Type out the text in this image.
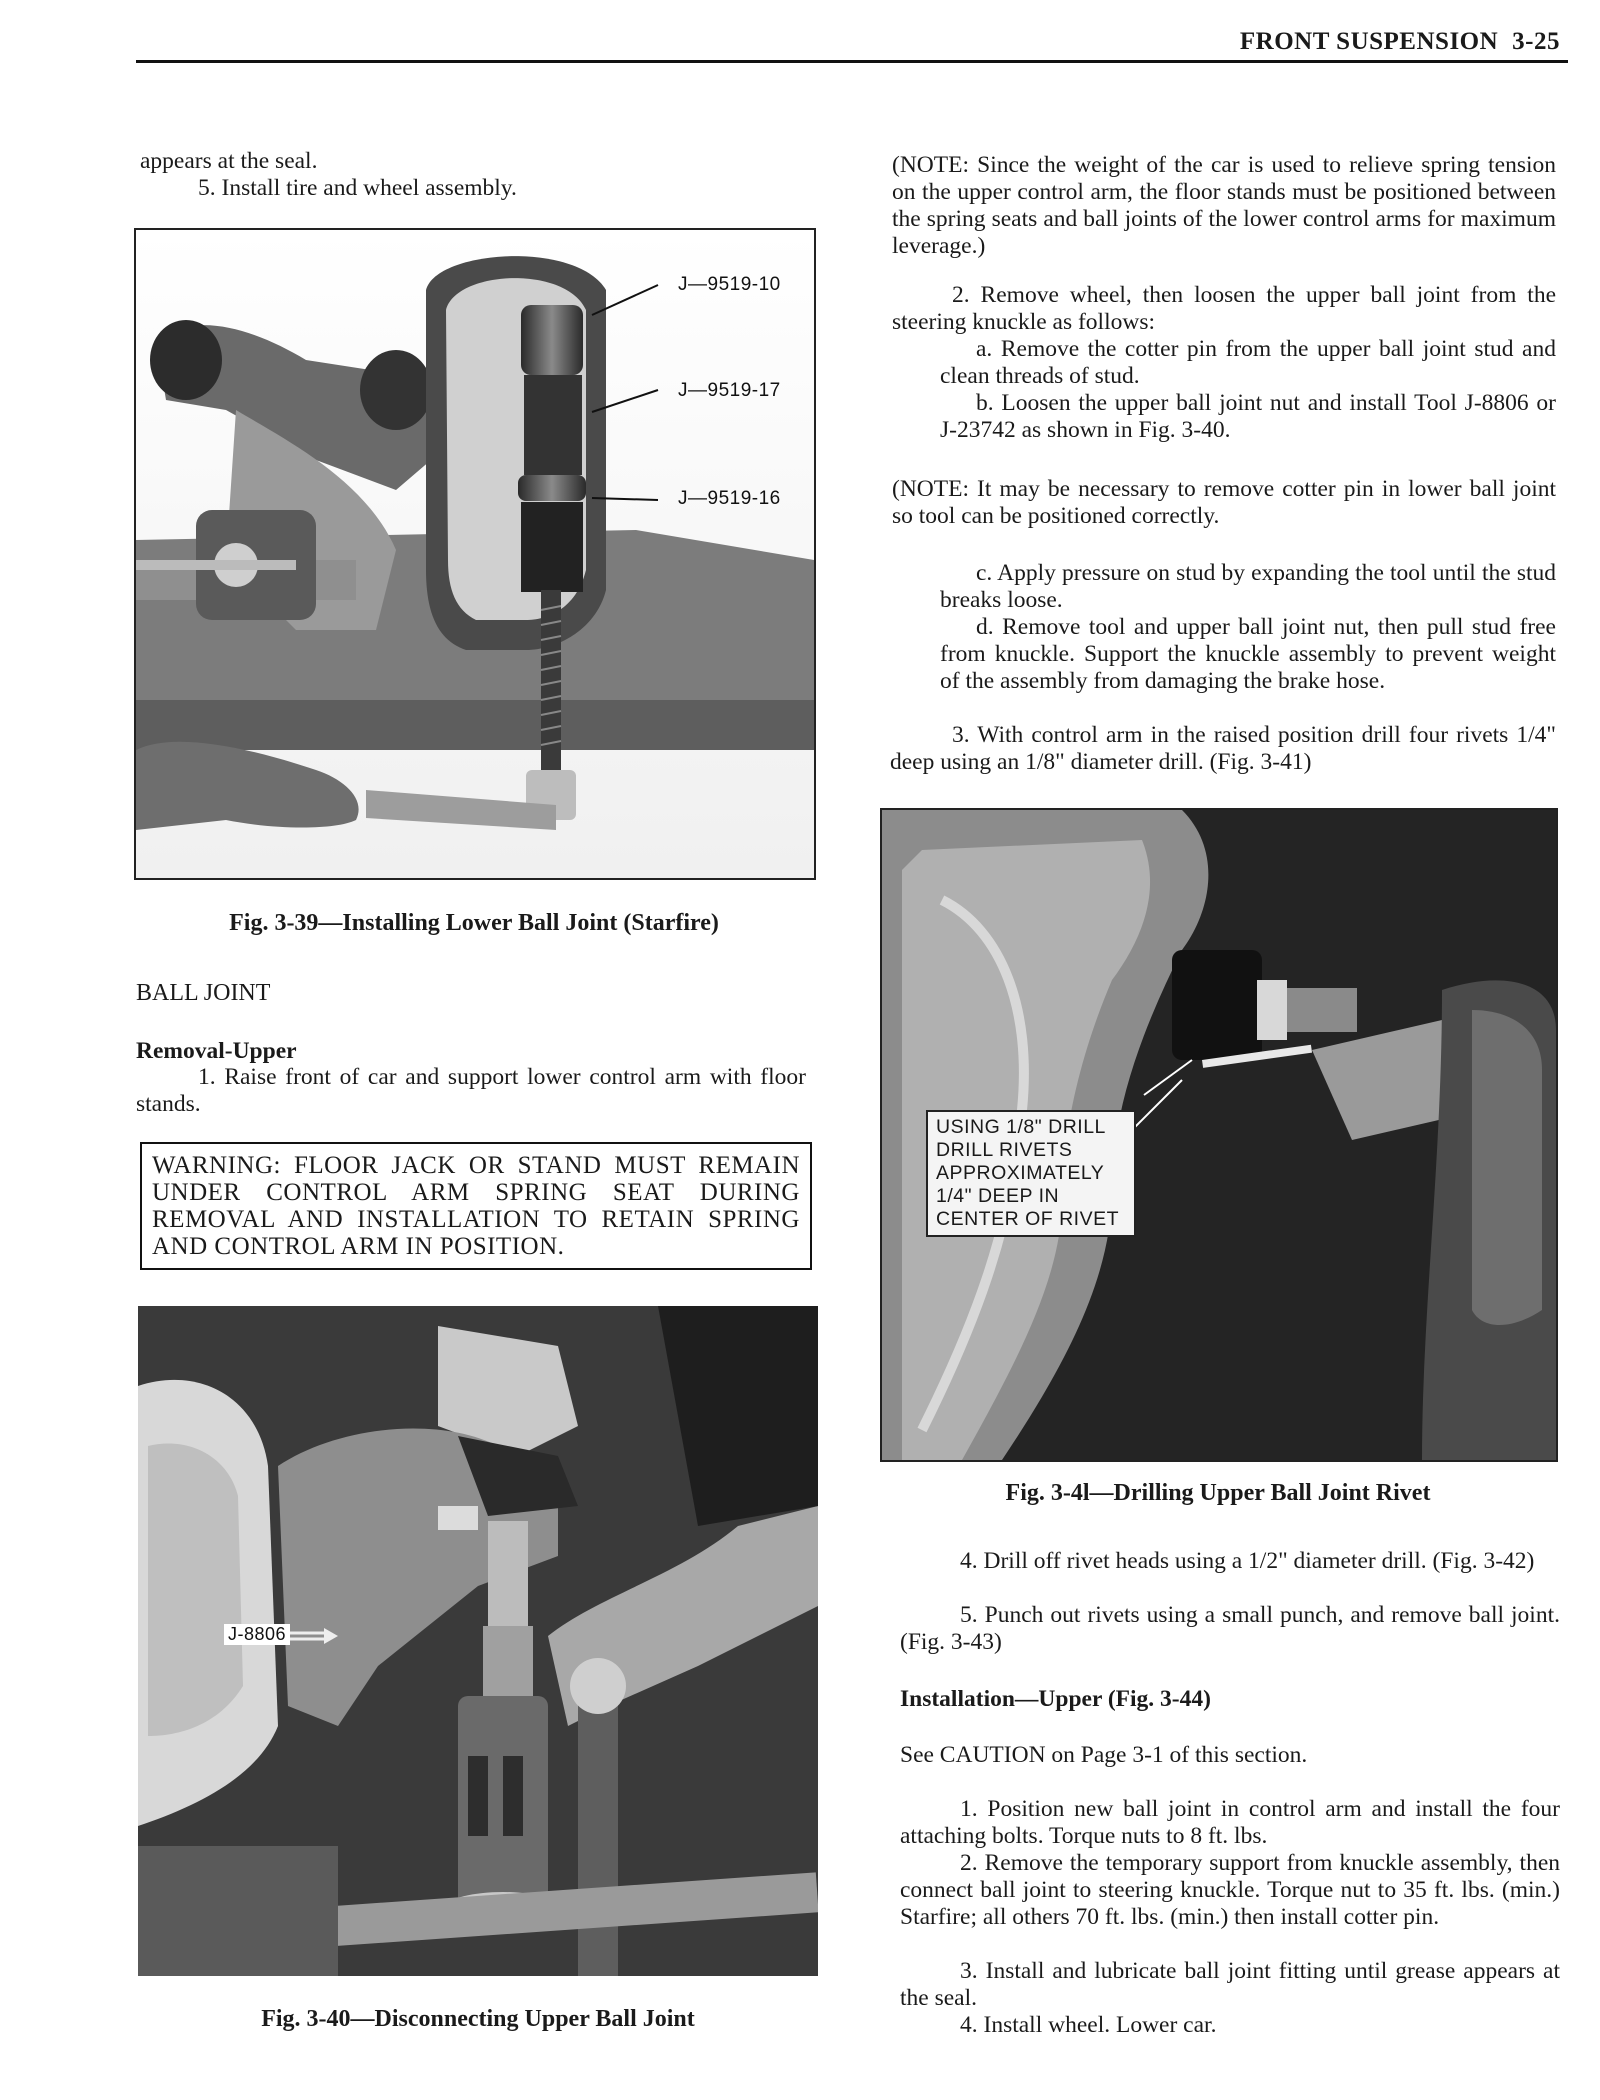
FRONT SUSPENSION 3-25

appears at the seal.

5. Install tire and wheel assembly.

J—9519-10
J—9519-17
J—9519-16
Fig. 3-39—Installing Lower Ball Joint (Starfire)
BALL JOINT
Removal-Upper

1. Raise front of car and support lower control arm with floor stands.

WARNING: FLOOR JACK OR STAND MUST REMAIN UNDER CONTROL ARM SPRING SEAT DURING REMOVAL AND INSTALLATION TO RETAIN SPRING AND CONTROL ARM IN POSITION.
J-8806
Fig. 3-40—Disconnecting Upper Ball Joint
(NOTE: Since the weight of the car is used to relieve spring tension on the upper control arm, the floor stands must be positioned between the spring seats and ball joints of the lower control arms for maximum leverage.)

2. Remove wheel, then loosen the upper ball joint from the steering knuckle as follows:

a. Remove the cotter pin from the upper ball joint stud and clean threads of stud.

b. Loosen the upper ball joint nut and install Tool J-8806 or J-23742 as shown in Fig. 3-40.

(NOTE: It may be necessary to remove cotter pin in lower ball joint so tool can be positioned correctly.

c. Apply pressure on stud by expanding the tool until the stud breaks loose.

d. Remove tool and upper ball joint nut, then pull stud free from knuckle. Support the knuckle assembly to prevent weight of the assembly from damaging the brake hose.

3. With control arm in the raised position drill four rivets 1/4" deep using an 1/8" diameter drill. (Fig. 3-41)

USING 1/8" DRILL
DRILL RIVETS
APPROXIMATELY
1/4" DEEP IN
CENTER OF RIVET
Fig. 3-4l—Drilling Upper Ball Joint Rivet

4. Drill off rivet heads using a 1/2" diameter drill. (Fig. 3-42)

5. Punch out rivets using a small punch, and remove ball joint. (Fig. 3-43)

Installation—Upper (Fig. 3-44)
See CAUTION on Page 3-1 of this section.

1. Position new ball joint in control arm and install the four attaching bolts. Torque nuts to 8 ft. lbs.

2. Remove the temporary support from knuckle assembly, then connect ball joint to steering knuckle. Torque nut to 35 ft. lbs. (min.) Starfire; all others 70 ft. lbs. (min.) then install cotter pin.

3. Install and lubricate ball joint fitting until grease appears at the seal.

4. Install wheel. Lower car.
